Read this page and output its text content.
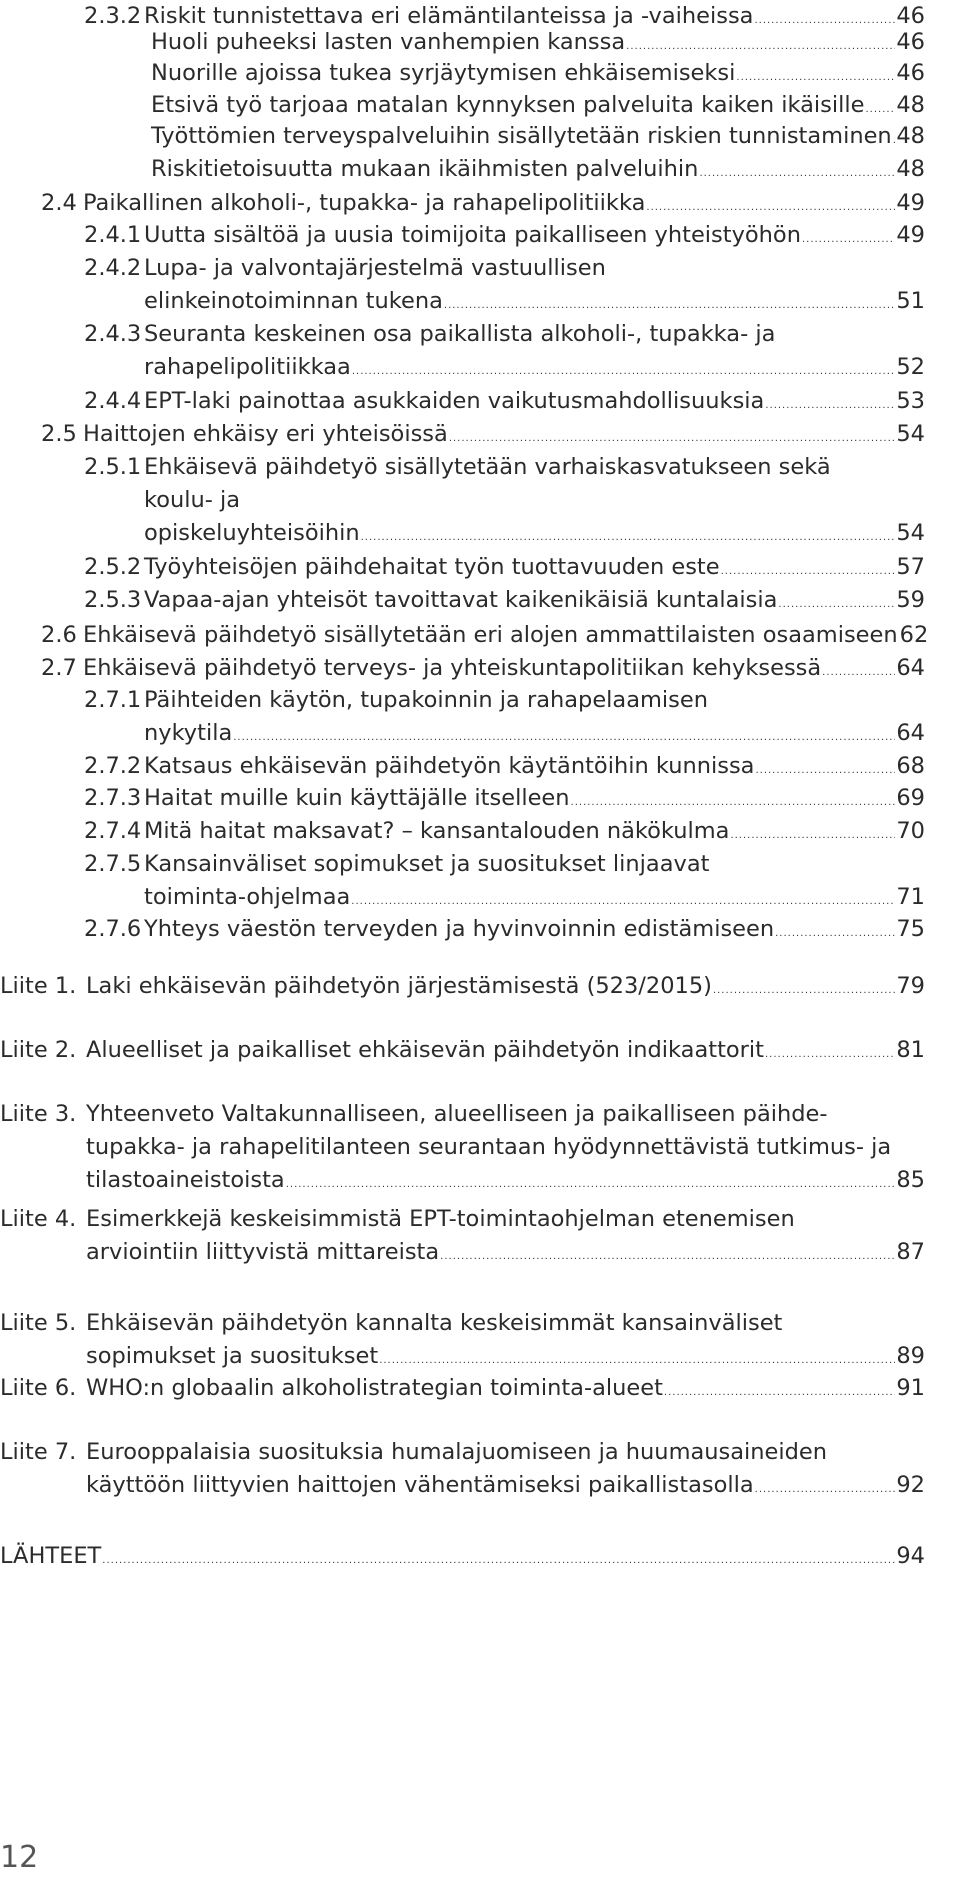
2.3.2 Riskit tunnistettava eri elämäntilanteissa ja -vaiheissa .....	46
Huoli puheeksi lasten vanhempien kanssa .....	46
Nuorille ajoissa tukea syrjäytymisen ehkäisemiseksi .....	46
Etsivä työ tarjoaa matalan kynnyksen palveluita kaiken ikäisille ..... 48
Työttömien terveyspalveluihin sisällytetään riskien tunnistaminen ..... 48
Riskitietoisuutta mukaan ikäihmisten palveluihin .....	48
2.4 Paikallinen alkoholi-, tupakka- ja rahapelipolitiikka .....	49
2.4.1 Uutta sisältöä ja uusia toimijoita paikalliseen yhteistyöhön .....	49
2.4.2 Lupa- ja valvontajärjestelmä vastuullisen
elinkeinotoiminnan tukena .....	51
2.4.3 Seuranta keskeinen osa paikallista alkoholi-, tupakka- ja
rahapelipolitiikkaa .....	52
2.4.4 EPT-laki painottaa asukkaiden vaikutusmahdollisuuksia .....	53
2.5 Haittojen ehkäisy eri yhteisöissä .....	54
2.5.1 Ehkäisevä päihdetyö sisällytetään varhaiskasvatukseen sekä
koulu- ja
opiskeluyhteisöihin .....	54
2.5.2 Työyhteisöjen päihdehaitat työn tuottavuuden este .....	57
2.5.3 Vapaa-ajan yhteisöt tavoittavat kaikenikäisiä kuntalaisia .....	59
2.6 Ehkäisevä päihdetyö sisällytetään eri alojen ammattilaisten osaamiseen 62
2.7 Ehkäisevä päihdetyö terveys- ja yhteiskuntapolitiikan kehyksessä .....	64
2.7.1 Päihteiden käytön, tupakoinnin ja rahapelaamisen
nykytila .....	64
2.7.2 Katsaus ehkäisevän päihdetyön käytäntöihin kunnissa .....	68
2.7.3 Haitat muille kuin käyttäjälle itselleen .....	69
2.7.4 Mitä haitat maksavat? – kansantalouden näkökulma .....	70
2.7.5 Kansainväliset sopimukset ja suositukset linjaavat
toiminta-ohjelmaa .....	71
2.7.6 Yhteys väestön terveyden ja hyvinvoinnin edistämiseen .....	75
Liite 1. Laki ehkäisevän päihdetyön järjestämisestä (523/2015) .....	79
Liite 2. Alueelliset ja paikalliset ehkäisevän päihdetyön indikaattorit .....	81
Liite 3. Yhteenveto Valtakunnalliseen, alueelliseen ja paikalliseen päihde-
tupakka- ja rahapelitilanteen seurantaan hyödynnettävistä tutkimus- ja
tilastoaineistoista .....	85
Liite 4. Esimerkkejä keskeisimmistä EPT-toimintaohjelman etenemisen
arviointiin liittyvistä mittareista .....	87
Liite 5. Ehkäisevän päihdetyön kannalta keskeisimmät kansainväliset
sopimukset ja suositukset .....	89
Liite 6. WHO:n globaalin alkoholistrategian toiminta-alueet .....	91
Liite 7. Eurooppalaisia suosituksia humalajuomiseen ja huumausaineiden
käyttöön liittyvien haittojen vähentämiseksi paikallistasolla .....	92
LÄHTEET .....	94
12
